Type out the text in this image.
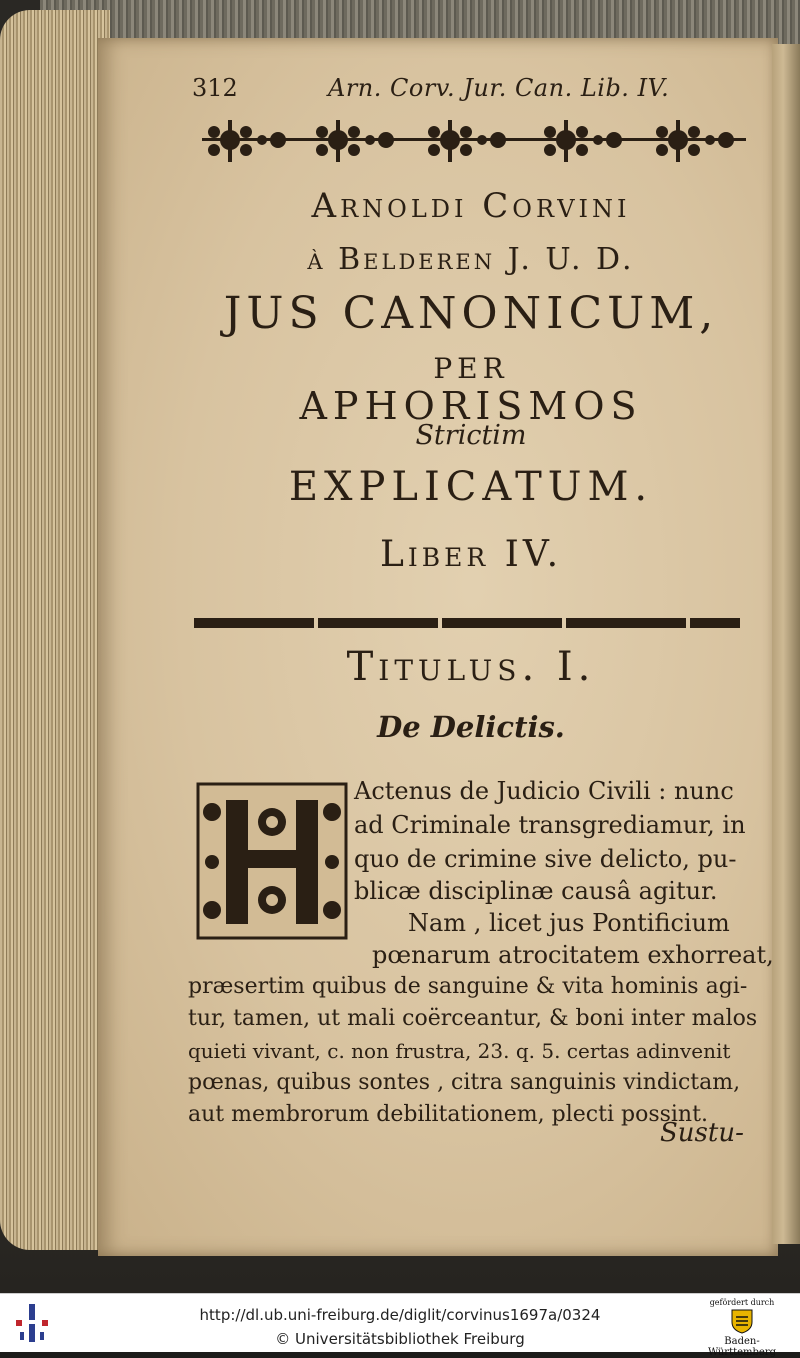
312	Arn. Corv. Jur. Can. Lib. IV.
Arnoldi Corvini
à Belderen J. U. D.
JUS CANONICUM,
PER
APHORISMOS
Strictim
EXPLICATUM.
Liber IV.
Titulus. I.
De Delictis.
Actenus de Judicio Civili : nunc
ad Criminale transgrediamur, in
quo de crimine sive delicto, pu-
blicæ disciplinæ causâ agitur.
Nam , licet jus Pontificium
pœnarum atrocitatem exhorreat,
præsertim quibus de sanguine & vita hominis agi-
tur, tamen, ut mali coërceantur, & boni inter malos
quieti vivant, c. non frustra, 23. q. 5. certas adinvenit
pœnas, quibus sontes , citra sanguinis vindictam,
aut membrorum debilitationem, plecti possint.
Sustu-
http://dl.ub.uni-freiburg.de/diglit/corvinus1697a/0324
© Universitätsbibliothek Freiburg
gefördert durch
Baden-Württemberg
